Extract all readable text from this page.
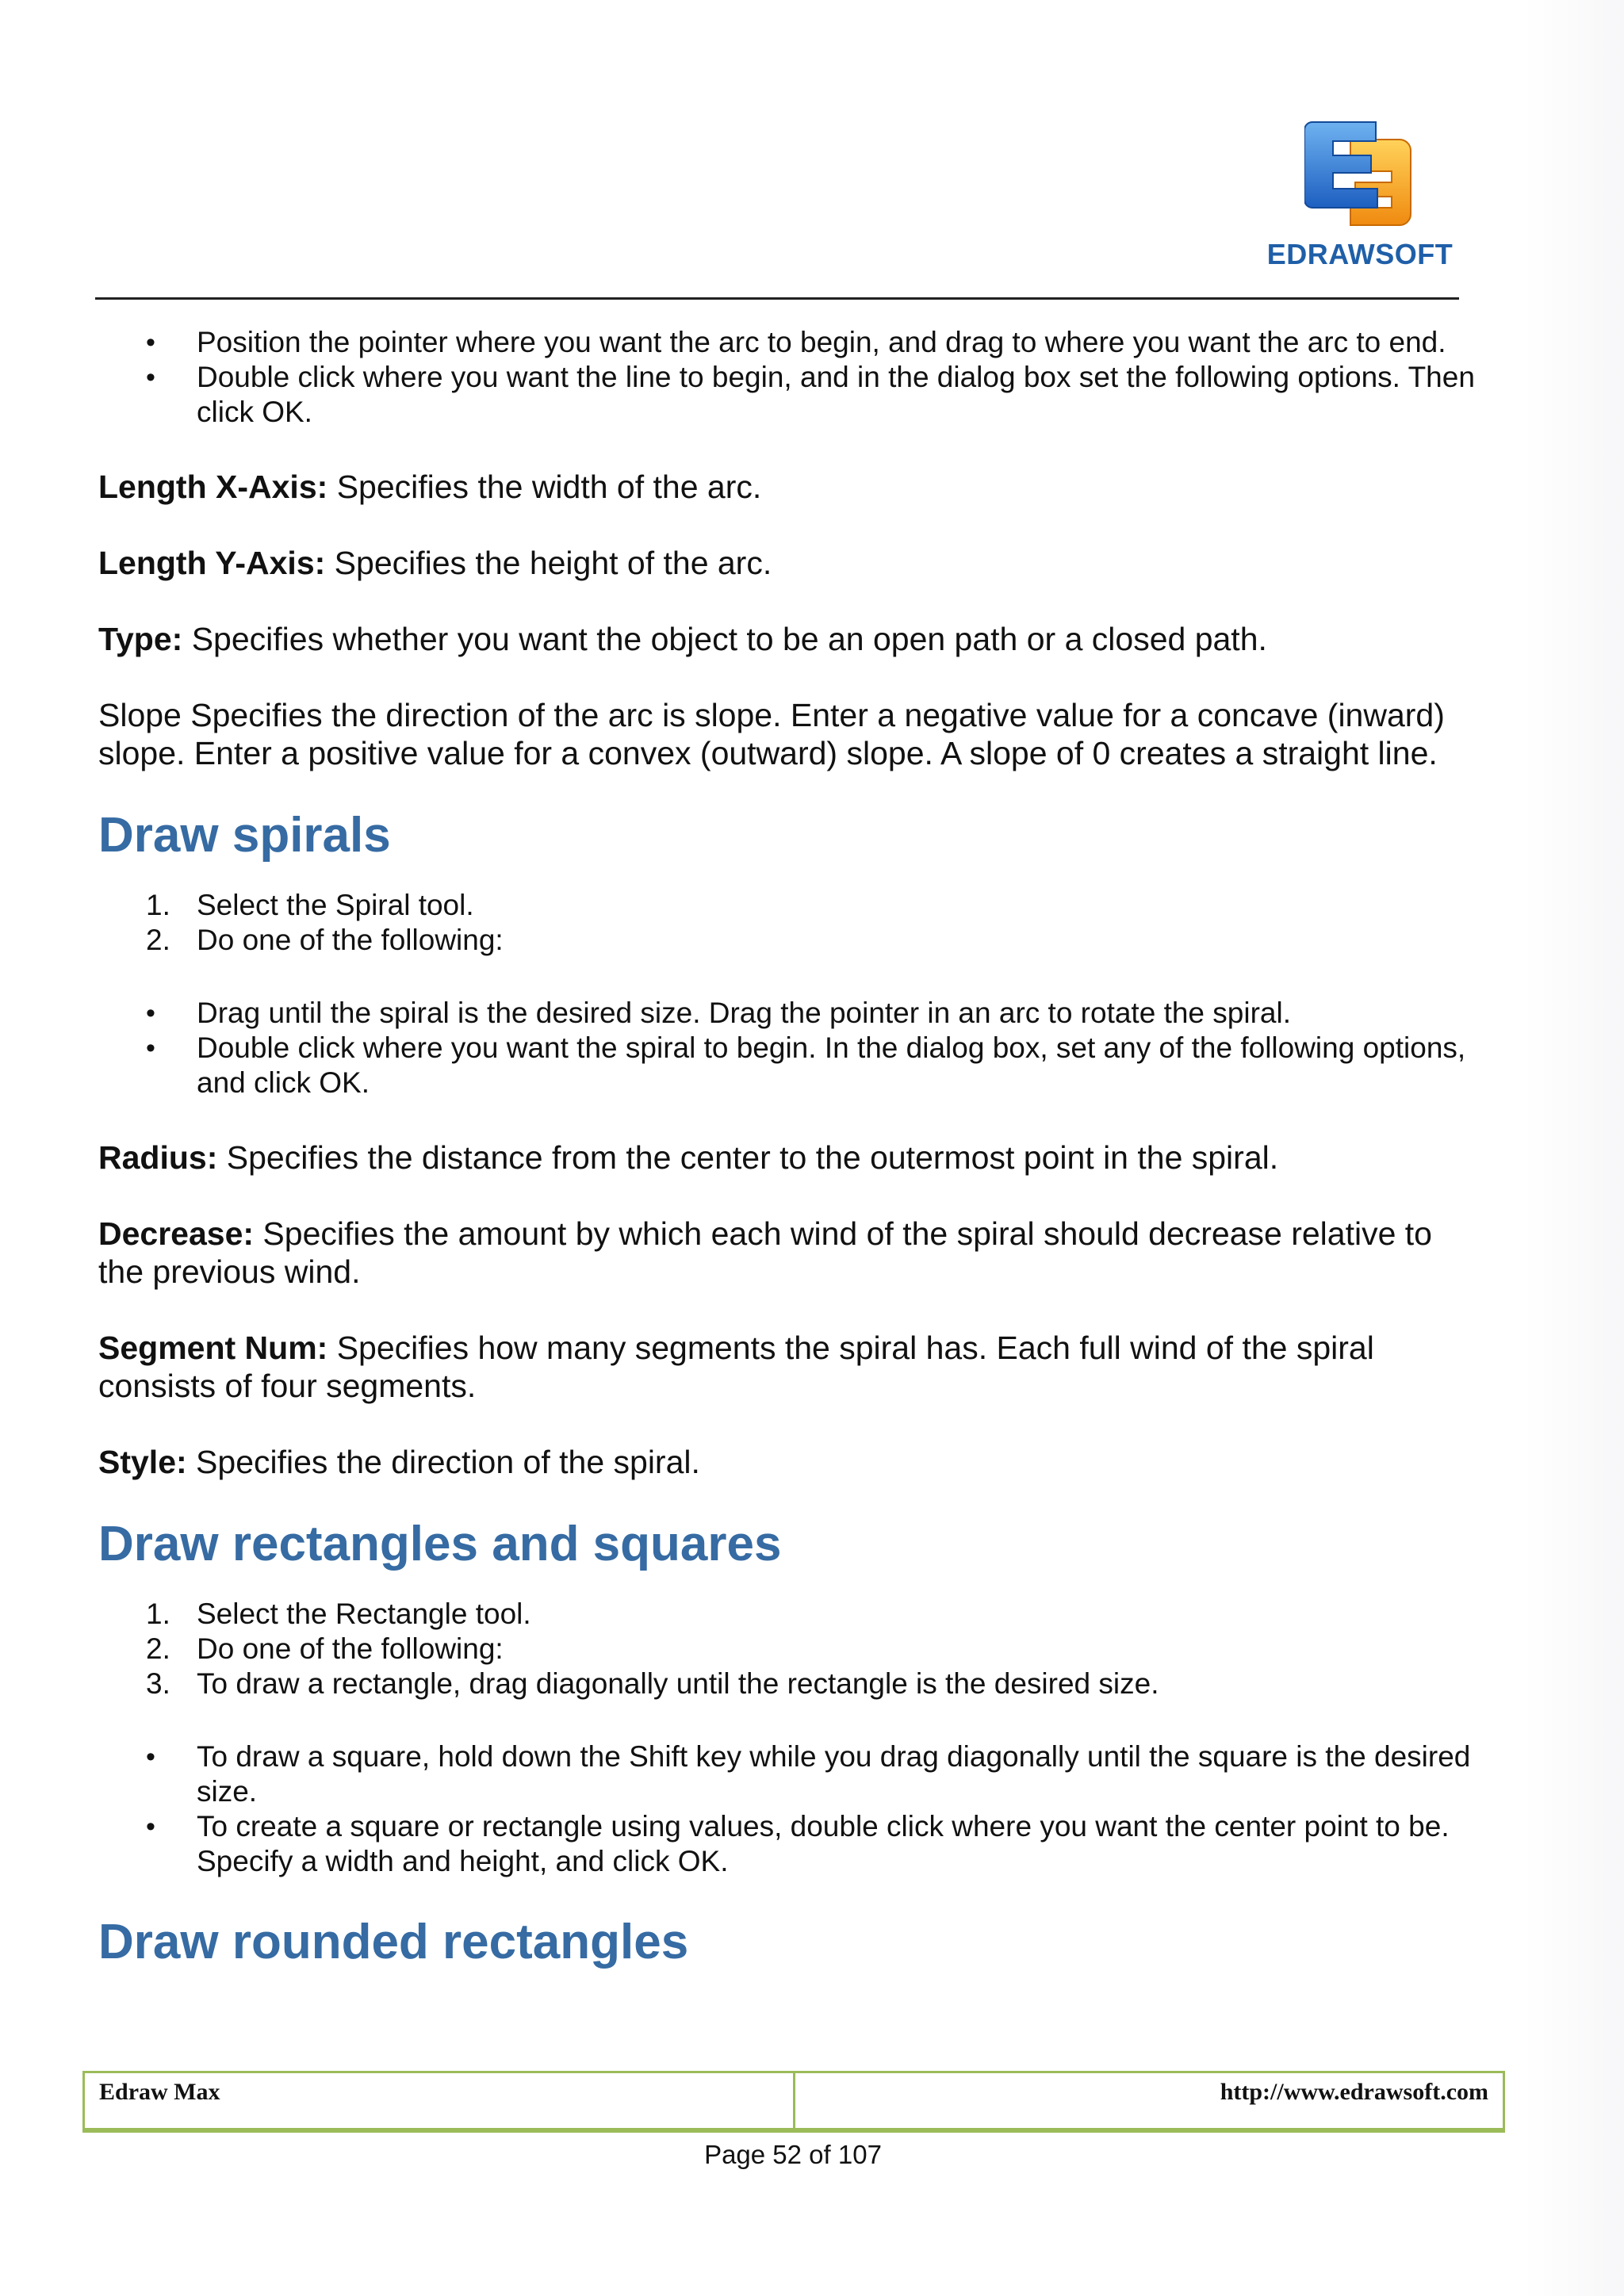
EDRAWSOFT
•	Position the pointer where you want the arc to begin, and drag to where you want the arc to end.
•	Double click where you want the line to begin, and in the dialog box set the following options. Then click OK.

Length X-Axis: Specifies the width of the arc.

Length Y-Axis: Specifies the height of the arc.

Type: Specifies whether you want the object to be an open path or a closed path.

Slope Specifies the direction of the arc is slope. Enter a negative value for a concave (inward) slope. Enter a positive value for a convex (outward) slope. A slope of 0 creates a straight line.

Draw spirals
1. Select the Spiral tool.
2. Do one of the following:
•	Drag until the spiral is the desired size. Drag the pointer in an arc to rotate the spiral.
•	Double click where you want the spiral to begin. In the dialog box, set any of the following options, and click OK.

Radius: Specifies the distance from the center to the outermost point in the spiral.

Decrease: Specifies the amount by which each wind of the spiral should decrease relative to the previous wind.

Segment Num: Specifies how many segments the spiral has. Each full wind of the spiral consists of four segments.

Style: Specifies the direction of the spiral.

Draw rectangles and squares
1. Select the Rectangle tool.
2. Do one of the following:
3. To draw a rectangle, drag diagonally until the rectangle is the desired size.
•	To draw a square, hold down the Shift key while you drag diagonally until the square is the desired size.
•	To create a square or rectangle using values, double click where you want the center point to be. Specify a width and height, and click OK.
Draw rounded rectangles
Edraw Max	http://www.edrawsoft.com
Page 52 of 107
